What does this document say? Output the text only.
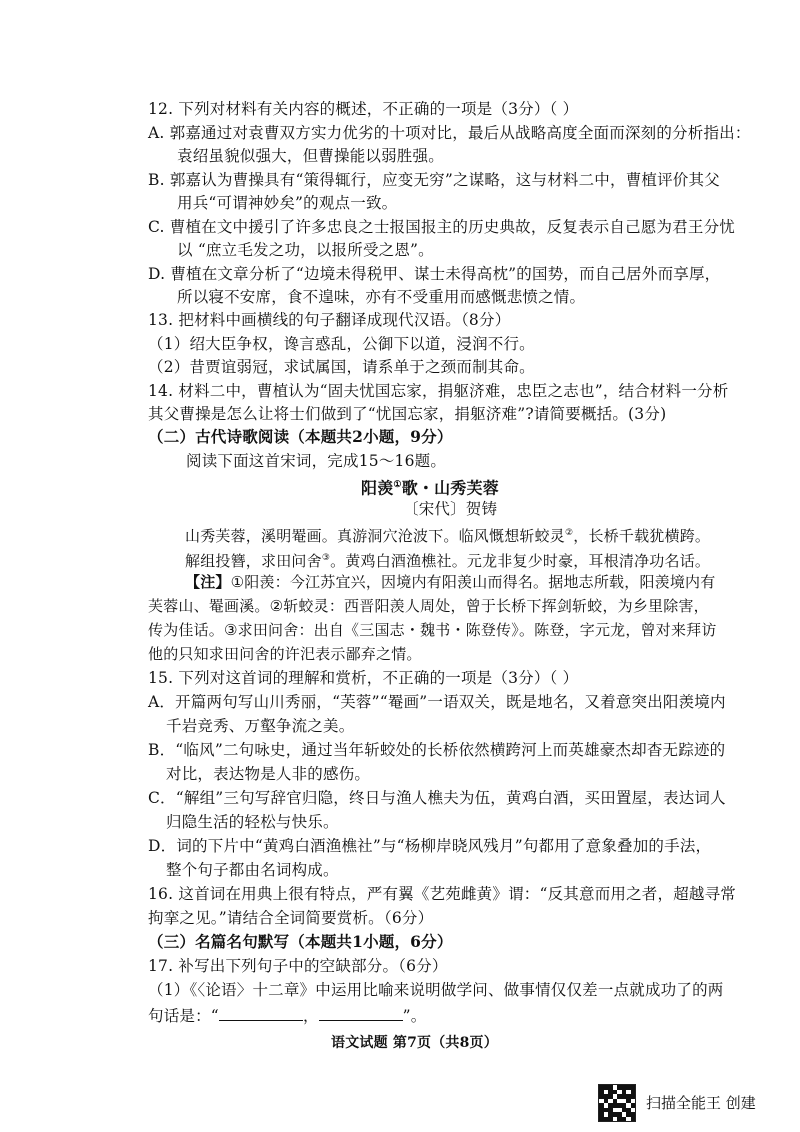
12. 下列对材料有关内容的概述，不正确的一项是（3分）（ ）
A. 郭嘉通过对袁曹双方实力优劣的十项对比，最后从战略高度全面而深刻的分析指出：
袁绍虽貌似强大，但曹操能以弱胜强。
B. 郭嘉认为曹操具有“策得辄行，应变无穷”之谋略，这与材料二中，曹植评价其父
用兵“可谓神妙矣”的观点一致。
C. 曹植在文中援引了许多忠良之士报国报主的历史典故，反复表示自己愿为君王分忧
以 “庶立毛发之功，以报所受之恩”。
D. 曹植在文章分析了“边境未得税甲、谋士未得高枕”的国势，而自己居外而享厚，
所以寝不安席，食不遑味，亦有不受重用而感慨悲愤之情。
13. 把材料中画横线的句子翻译成现代汉语。（8分）
（1）绍大臣争权，谗言惑乱，公御下以道，浸润不行。
（2）昔贾谊弱冠，求试属国，请系单于之颈而制其命。
14. 材料二中，曹植认为“固夫忧国忘家，捐躯济难，忠臣之志也”，结合材料一分析
其父曹操是怎么让将士们做到了“忧国忘家，捐躯济难”?请简要概括。(3分)
（二）古代诗歌阅读（本题共2小题，9分）
阅读下面这首宋词，完成15～16题。
阳羡①歌・山秀芙蓉
〔宋代〕贺铸
山秀芙蓉，溪明罨画。真游洞穴沧波下。临风慨想斩蛟灵②，长桥千载犹横跨。
解组投簪，求田问舍③。黄鸡白酒渔樵社。元龙非复少时豪，耳根清净功名话。
【注】①阳羡：今江苏宜兴，因境内有阳羡山而得名。据地志所载，阳羡境内有
芙蓉山、罨画溪。②斩蛟灵：西晋阳羡人周处，曾于长桥下挥剑斩蛟，为乡里除害，
传为佳话。③求田问舍：出自《三国志・魏书・陈登传》。陈登，字元龙，曾对来拜访
他的只知求田问舍的许汜表示鄙弃之情。
15. 下列对这首词的理解和赏析，不正确的一项是（3分）（ ）
A．开篇两句写山川秀丽，“芙蓉”“罨画”一语双关，既是地名，又着意突出阳羡境内
千岩竞秀、万壑争流之美。
B．“临风”二句咏史，通过当年斩蛟处的长桥依然横跨河上而英雄豪杰却杳无踪迹的
对比，表达物是人非的感伤。
C．“解组”三句写辞官归隐，终日与渔人樵夫为伍，黄鸡白酒，买田置屋，表达词人
归隐生活的轻松与快乐。
D．词的下片中“黄鸡白酒渔樵社”与“杨柳岸晓风残月”句都用了意象叠加的手法，
整个句子都由名词构成。
16. 这首词在用典上很有特点，严有翼《艺苑雌黄》谓：“反其意而用之者，超越寻常
拘挛之见。”请结合全词简要赏析。（6分）
（三）名篇名句默写（本题共1小题，6分）
17. 补写出下列句子中的空缺部分。（6分）
（1）《〈论语〉十二章》中运用比喻来说明做学问、做事情仅仅差一点就成功了的两
句话是：“	，	”。
语文试题 第7页（共8页）
扫描全能王 创建
